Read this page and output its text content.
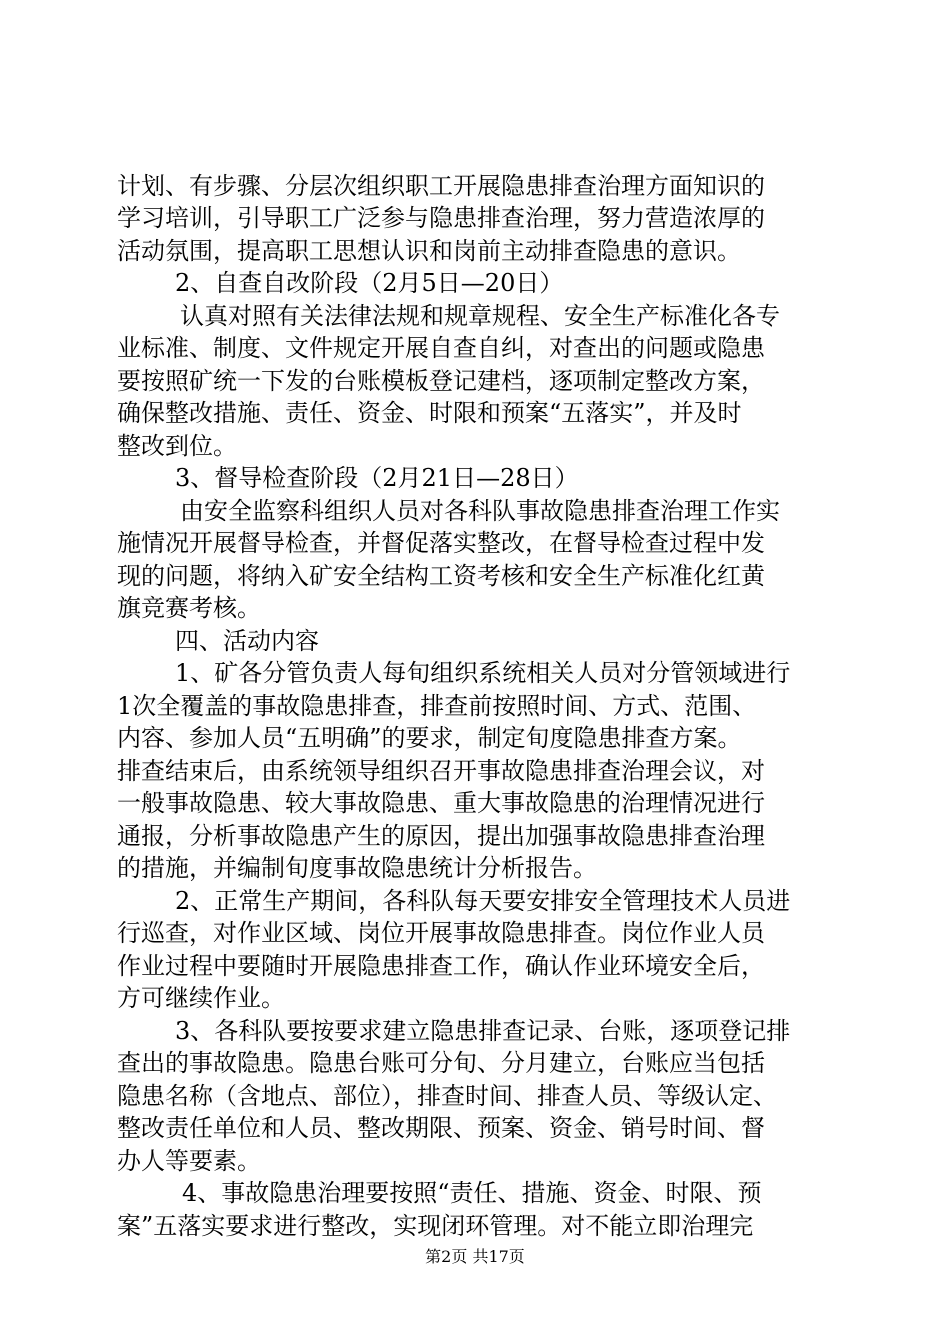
计划、有步骤、分层次组织职工开展隐患排查治理方面知识的
学习培训，引导职工广泛参与隐患排查治理，努力营造浓厚的
活动氛围，提高职工思想认识和岗前主动排查隐患的意识。
2、自查自改阶段（2月5日—20日）
认真对照有关法律法规和规章规程、安全生产标准化各专
业标准、制度、文件规定开展自查自纠，对查出的问题或隐患
要按照矿统一下发的台账模板登记建档，逐项制定整改方案，
确保整改措施、责任、资金、时限和预案“五落实”，并及时
整改到位。
3、督导检查阶段（2月21日—28日）
由安全监察科组织人员对各科队事故隐患排查治理工作实
施情况开展督导检查，并督促落实整改，在督导检查过程中发
现的问题，将纳入矿安全结构工资考核和安全生产标准化红黄
旗竞赛考核。
四、活动内容
1、矿各分管负责人每旬组织系统相关人员对分管领域进行
1次全覆盖的事故隐患排查，排查前按照时间、方式、范围、
内容、参加人员“五明确”的要求，制定旬度隐患排查方案。
排查结束后，由系统领导组织召开事故隐患排查治理会议，对
一般事故隐患、较大事故隐患、重大事故隐患的治理情况进行
通报，分析事故隐患产生的原因，提出加强事故隐患排查治理
的措施，并编制旬度事故隐患统计分析报告。
2、正常生产期间，各科队每天要安排安全管理技术人员进
行巡查，对作业区域、岗位开展事故隐患排查。岗位作业人员
作业过程中要随时开展隐患排查工作，确认作业环境安全后，
方可继续作业。
3、各科队要按要求建立隐患排查记录、台账，逐项登记排
查出的事故隐患。隐患台账可分旬、分月建立，台账应当包括
隐患名称（含地点、部位），排查时间、排查人员、等级认定、
整改责任单位和人员、整改期限、预案、资金、销号时间、督
办人等要素。
4、事故隐患治理要按照“责任、措施、资金、时限、预
案”五落实要求进行整改，实现闭环管理。对不能立即治理完
第2页 共17页
